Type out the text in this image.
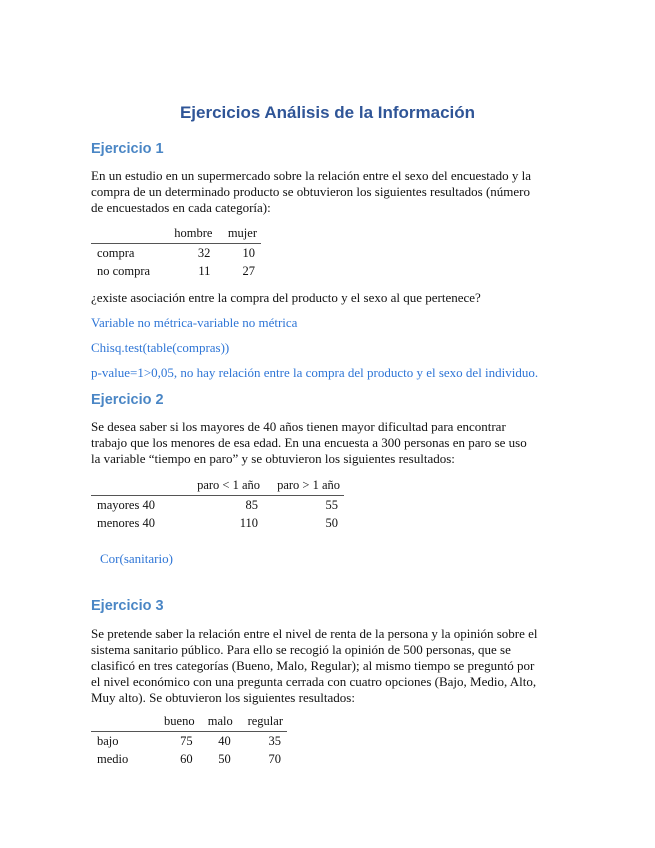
Ejercicios Análisis de la Información
Ejercicio 1
En un estudio en un supermercado sobre la relación entre el sexo del encuestado y la
compra de un determinado producto se obtuvieron los siguientes resultados (número
de encuestados en cada categoría):
	hombre	mujer
compra	32	10
no compra	11	27
¿existe asociación entre la compra del producto y el sexo al que pertenece?
Variable no métrica-variable no métrica
Chisq.test(table(compras))
p-value=1>0,05, no hay relación entre la compra del producto y el sexo del individuo.
Ejercicio 2
Se desea saber si los mayores de 40 años tienen mayor dificultad para encontrar
trabajo que los menores de esa edad. En una encuesta a 300 personas en paro se uso
la variable “tiempo en paro” y se obtuvieron los siguientes resultados:
	paro < 1 año	paro > 1 año
mayores 40	85	55
menores 40	110	50
Cor(sanitario)
Ejercicio 3
Se pretende saber la relación entre el nivel de renta de la persona y la opinión sobre el
sistema sanitario público. Para ello se recogió la opinión de 500 personas, que se
clasificó en tres categorías (Bueno, Malo, Regular); al mismo tiempo se preguntó por
el nivel económico con una pregunta cerrada con cuatro opciones (Bajo, Medio, Alto,
Muy alto). Se obtuvieron los siguientes resultados:
	bueno	malo	regular
bajo	75	40	35
medio	60	50	70
